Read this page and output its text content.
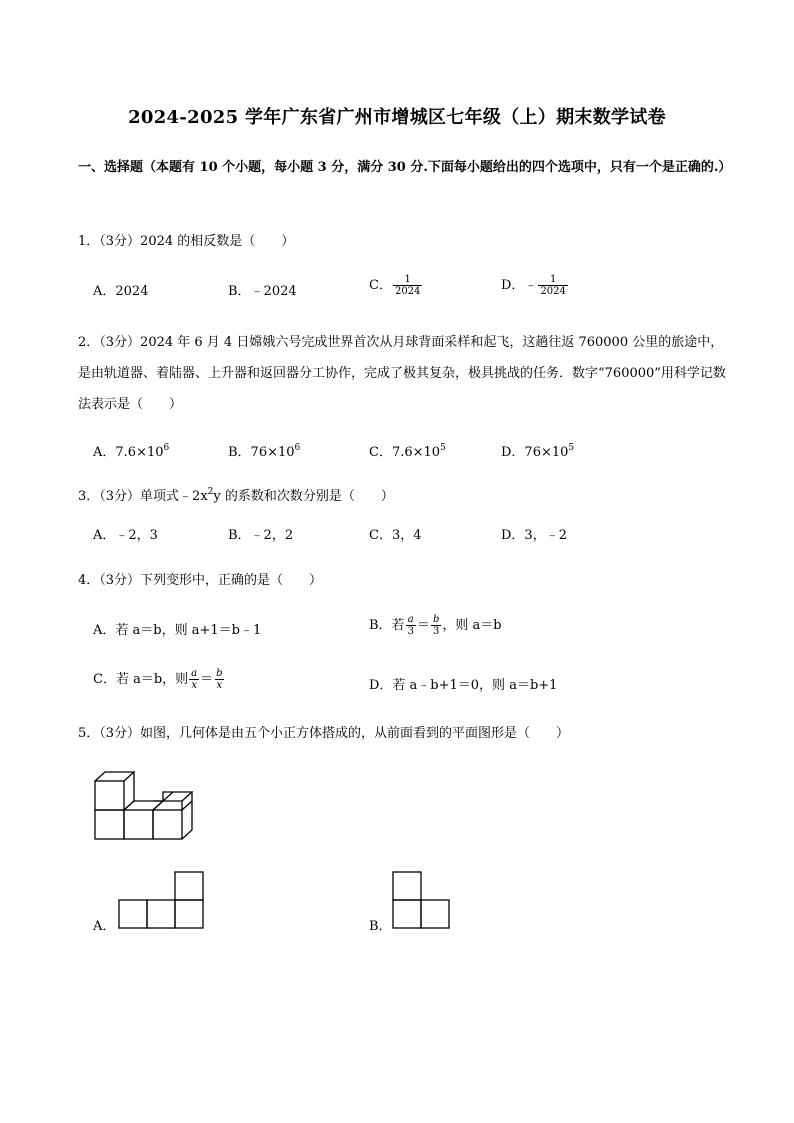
2024-2025 学年广东省广州市增城区七年级（上）期末数学试卷
一、选择题（本题有 10 个小题，每小题 3 分，满分 30 分.下面每小题给出的四个选项中，只有一个是正确的.）
1．（3分）2024 的相反数是（　　）
A．2024	B．﹣2024	C． $\frac{1}{2024}$	D．﹣ $\frac{1}{2024}$
2．（3分）2024 年 6 月 4 日嫦娥六号完成世界首次从月球背面采样和起飞，这趟往返 760000 公里的旅途中，是由轨道器、着陆器、上升器和返回器分工协作，完成了极其复杂，极具挑战的任务．数字“760000”用科学记数法表示是（　　）
A．$7.6\times 10^6$	B．$76\times 10^6$	C．$7.6\times 10^5$	D．$76\times 10^5$
3．（3分）单项式$﹣2x^2y$ 的系数和次数分别是（　　）
A．﹣2，3	B．﹣2，2	C．3，4	D．3，﹣2
4．（3分）下列变形中，正确的是（　　）
A．若 a＝b，则 a+1＝b﹣1	B．若 $\frac{a}{3} = \frac{b}{3}$ ，则 a＝b
C．若 a＝b，则 $\frac{a}{x} = \frac{b}{x}$	D．若 a﹣b+1＝0，则 a＝b+1
5．（3分）如图，几何体是由五个小正方体搭成的，从前面看到的平面图形是（　　）
A．	B．
